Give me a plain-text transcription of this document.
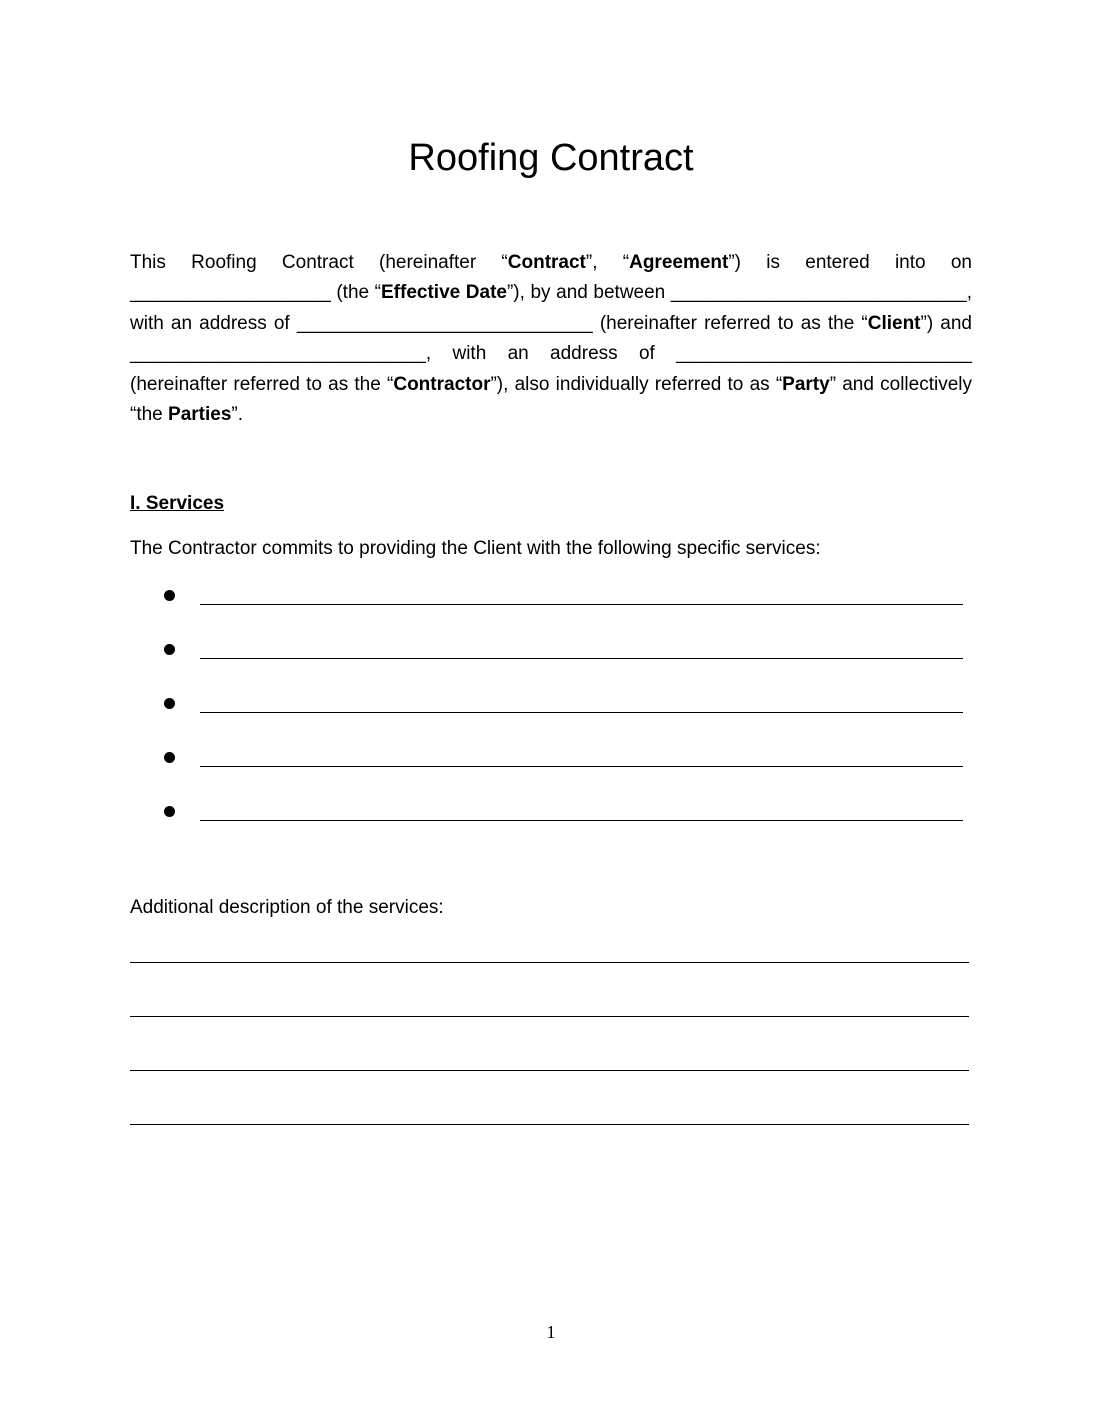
Roofing Contract

This Roofing Contract (hereinafter “Contract”, “Agreement”) is entered into on ___________________ (the “Effective Date”), by and between ____________________________, with an address of ____________________________ (hereinafter referred to as the “Client”) and ____________________________, with an address of ____________________________ (hereinafter referred to as the “Contractor”), also individually referred to as “Party” and collectively “the Parties”.

I. Services

The Contractor commits to providing the Client with the following specific services:

Additional description of the services:

1
